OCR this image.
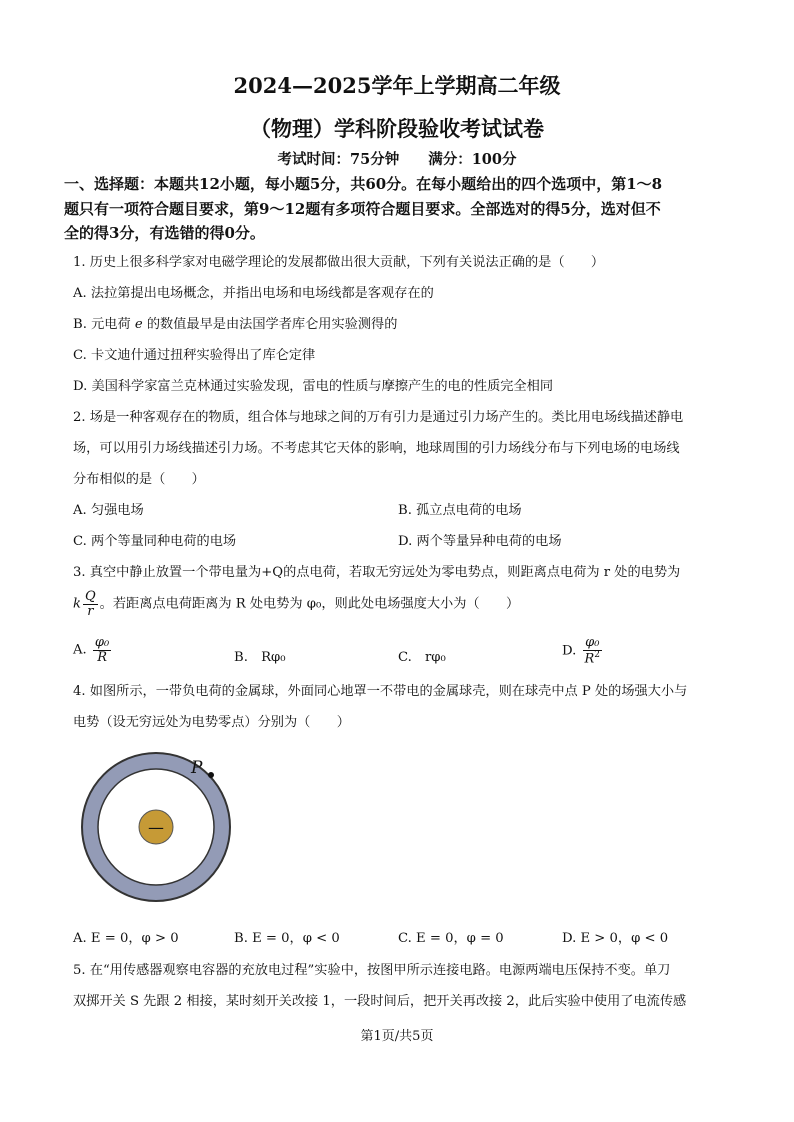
2024—2025学年上学期高二年级
（物理）学科阶段验收考试试卷
考试时间：75分钟　　满分：100分
一、选择题：本题共12小题，每小题5分，共60分。在每小题给出的四个选项中，第1～8
题只有一项符合题目要求，第9～12题有多项符合题目要求。全部选对的得5分，选对但不
全的得3分，有选错的得0分。
1. 历史上很多科学家对电磁学理论的发展都做出很大贡献，下列有关说法正确的是（　　）
A. 法拉第提出电场概念，并指出电场和电场线都是客观存在的
B. 元电荷 e 的数值最早是由法国学者库仑用实验测得的
C. 卡文迪什通过扭秤实验得出了库仑定律
D. 美国科学家富兰克林通过实验发现，雷电的性质与摩擦产生的电的性质完全相同
2. 场是一种客观存在的物质，组合体与地球之间的万有引力是通过引力场产生的。类比用电场线描述静电
场，可以用引力场线描述引力场。不考虑其它天体的影响，地球周围的引力场线分布与下列电场的电场线
分布相似的是（　　）
A. 匀强电场	B. 孤立点电荷的电场
C. 两个等量同种电荷的电场	D. 两个等量异种电荷的电场
3. 真空中静止放置一个带电量为+Q的点电荷，若取无穷远处为零电势点，则距离点电荷为 r 处的电势为
k $\frac{Q}{r}$ 。若距离点电荷距离为 R 处电势为 φ₀，则此处电场强度大小为（　　）
A. $\frac{\text{φ₀}}{R}$	B.　Rφ₀	C.　rφ₀	D. $\frac{\text{φ₀}}{R^2}$
4. 如图所示，一带负电荷的金属球，外面同心地罩一不带电的金属球壳，则在球壳中点 P 处的场强大小与
电势（设无穷远处为电势零点）分别为（　　）
P
—
A. E = 0，φ > 0	B. E = 0，φ < 0	C. E = 0，φ = 0	D. E > 0，φ < 0
5. 在“用传感器观察电容器的充放电过程”实验中，按图甲所示连接电路。电源两端电压保持不变。单刀
双掷开关 S 先跟 2 相接，某时刻开关改接 1，一段时间后，把开关再改接 2，此后实验中使用了电流传感
第1页/共5页
